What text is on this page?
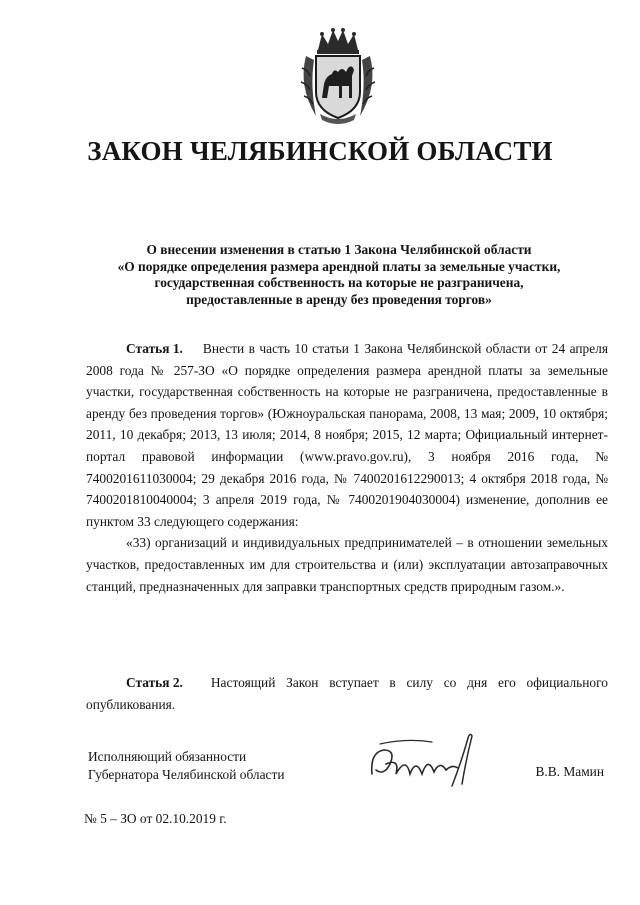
ЗАКОН ЧЕЛЯБИНСКОЙ ОБЛАСТИ
О внесении изменения в статью 1 Закона Челябинской области
«О порядке определения размера арендной платы за земельные участки,
государственная собственность на которые не разграничена,
предоставленные в аренду без проведения торгов»

Статья 1. Внести в часть 10 статьи 1 Закона Челябинской области от 24 апреля 2008 года № 257-ЗО «О порядке определения размера арендной платы за земельные участки, государственная собственность на которые не разграничена, предоставленные в аренду без проведения торгов» (Южноуральская панорама, 2008, 13 мая; 2009, 10 октября; 2011, 10 декабря; 2013, 13 июля; 2014, 8 ноября; 2015, 12 марта; Официальный интернет-портал правовой информации (www.pravo.gov.ru), 3 ноября 2016 года, № 7400201611030004; 29 декабря 2016 года, № 7400201612290013; 4 октября 2018 года, № 7400201810040004; 3 апреля 2019 года, № 7400201904030004) изменение, дополнив ее пунктом 33 следующего содержания:

«33) организаций и индивидуальных предпринимателей – в отношении земельных участков, предоставленных им для строительства и (или) эксплуатации автозаправочных станций, предназначенных для заправки транспортных средств природным газом.».

Статья 2. Настоящий Закон вступает в силу со дня его официального опубликования.

Исполняющий обязанности
Губернатора Челябинской области	В.В. Мамин
№ 5 – ЗО от 02.10.2019 г.
